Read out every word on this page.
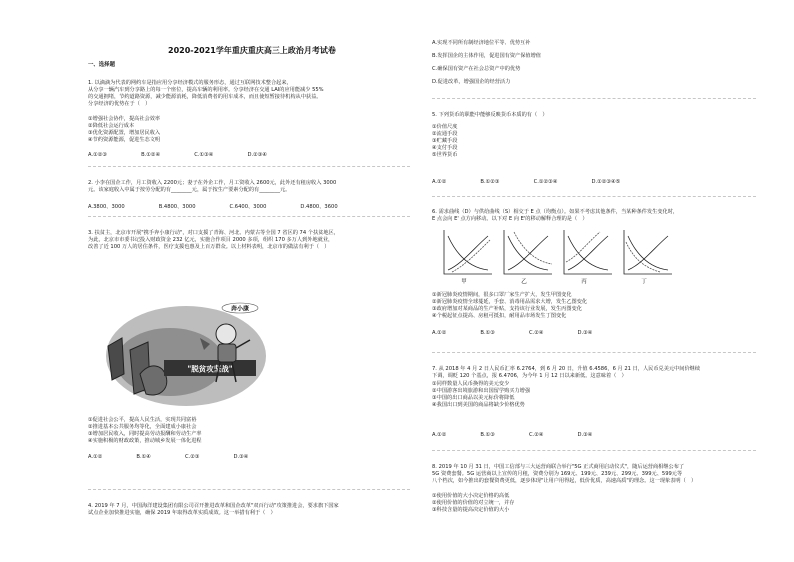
2020-2021学年重庆重庆高三上政治月考试卷
一、选择题
1. 以滴滴为代表的网约车是指应用分享经济模式的服务形态，通过互联网技术整合起来，
从分享一辆汽车到分享路上的每一个座位，提高车辆的利用率。分享经济在交通 LAI的应用能减少 55%
的交通拥堵，节约道路资源，减少能源消耗，降低消费者的用车成本，而且使短暂接待机构从中获益。
分享经济的优势在于（　）
①增强社会协作，提高社会效率
②降低社会运行成本
③优化资源配置，增加居民收入
④节约资源能源，促进生态文明
A.①②③	B.①②④	C.①③④	D.②③④
2. 小李在国企工作，月工资收入 2200元；妻子在外企工作，月工资收入 2600元，此外还有租房收入 3000
元。该家庭收入中属于按劳分配的有________元，属于按生产要素分配的有________元。
A.3800、3000	B.4800、3000	C.6400、3000	D.4800、3600
3. 扶贫主，北京市开展"携手奔小康行动"，对口支援了青海、河北、内蒙古等全国 7 省区的 74 个扶贫地区，
为此，北京市市委书记投入财政资金 232 亿元，实施合作项目 2000 多项，组织 170 多万人到外地就业，
改善了近 100 万人的居住条件，医疗支援也惠及上百万群众。以上材料表明，北京市的做法有利于（　）
"脱贫攻坚战"
奔小康
①促进社会公平，提高人民生活，实现共同富裕
②推进基本公共服务均等化，全面建成小康社会
③增加居民收入，同时提高劳动报酬和劳动生产率
④实施积极的财政政策，推动城乡发展一体化进程
A.①②	B.①④	C.②③	D.③④
4. 2019 年 7 月，中国海洋建设集团有限公司召开推进改革和国企改革"双百行动"攻策推进会，要求旗下国家
试点企业加快推进实施，确保 2019 年取得改革实质成效。这一举措有利于（　）
A.实现不同所有制经济地位平等、优势互补
B.发挥国企的主体作用，促进国有资产保值增值
C.确保国有资产在社会总资产中的优势
D.促进改革，增强国企的经营活力
5. 下列货币的职能中能够反映货币本质的有（　）
①价值尺度
②流通手段
③贮藏手段
④支付手段
⑤世界货币
A.①②	B.①②③	C.①②③④	D.①②③④⑤
6. 需求曲线（D）与供给曲线（S）相交于 E 点（均衡点）。如果不考虑其他条件，当某种条件发生变化时，
E 点会向 E' 点方向移动。以下对 E 向 E'的移动解释合理的是（　）
甲	乙	丙	丁
①新冠肺炎疫情期间，很多口罩厂家生产扩大，发生甲图变化
②新冠肺炎疫情全球蔓延，手套、消毒用品需求大增，发生乙图变化
③政府增加对某商品的生产补贴，支持该行业发展，发生丙图变化
④个税起征点提高、房租可抵扣，耐用品市场发生丁图变化
A.①②	B.①③	C.②④	D.③④
7. 从 2018 年 4 月 2 日人民币汇率 6.2764，到 6 月 20 日，升值 6.4586，6 月 21 日，人民币兑美元中间价继续
下调，调贬 120 个基点，报 6.4706，为今年 1 月 12 日以来新低。这意味着（　）
①同样数量人民币换得的美元变少
②中国游客出境旅游和出国留学购买力增强
③中国的出口商品以美元标价将降低
④我国出口到美国的商品将缺少价格优势
A.①②	B.①③	C.②④	D.③④
8. 2019 年 10 月 31 日，中国工信部与三大运营商联合举行"5G 正式商用启动仪式"，随后运营商相继公布了
5G 资费套餐。5G 运营商以上宣传的月租，资费分别为 169元、199元、239元、299元、399元、599元等
八个档次，如今推出的套餐资费更低，逐步体现"让用户用得起，低价优质，高速高质"的理念。这一现象表明（　）
①使用价值的大小决定价格的高低
②使用价值的价值的对立统一，并存
③科技含量的提高决定价值的大小
